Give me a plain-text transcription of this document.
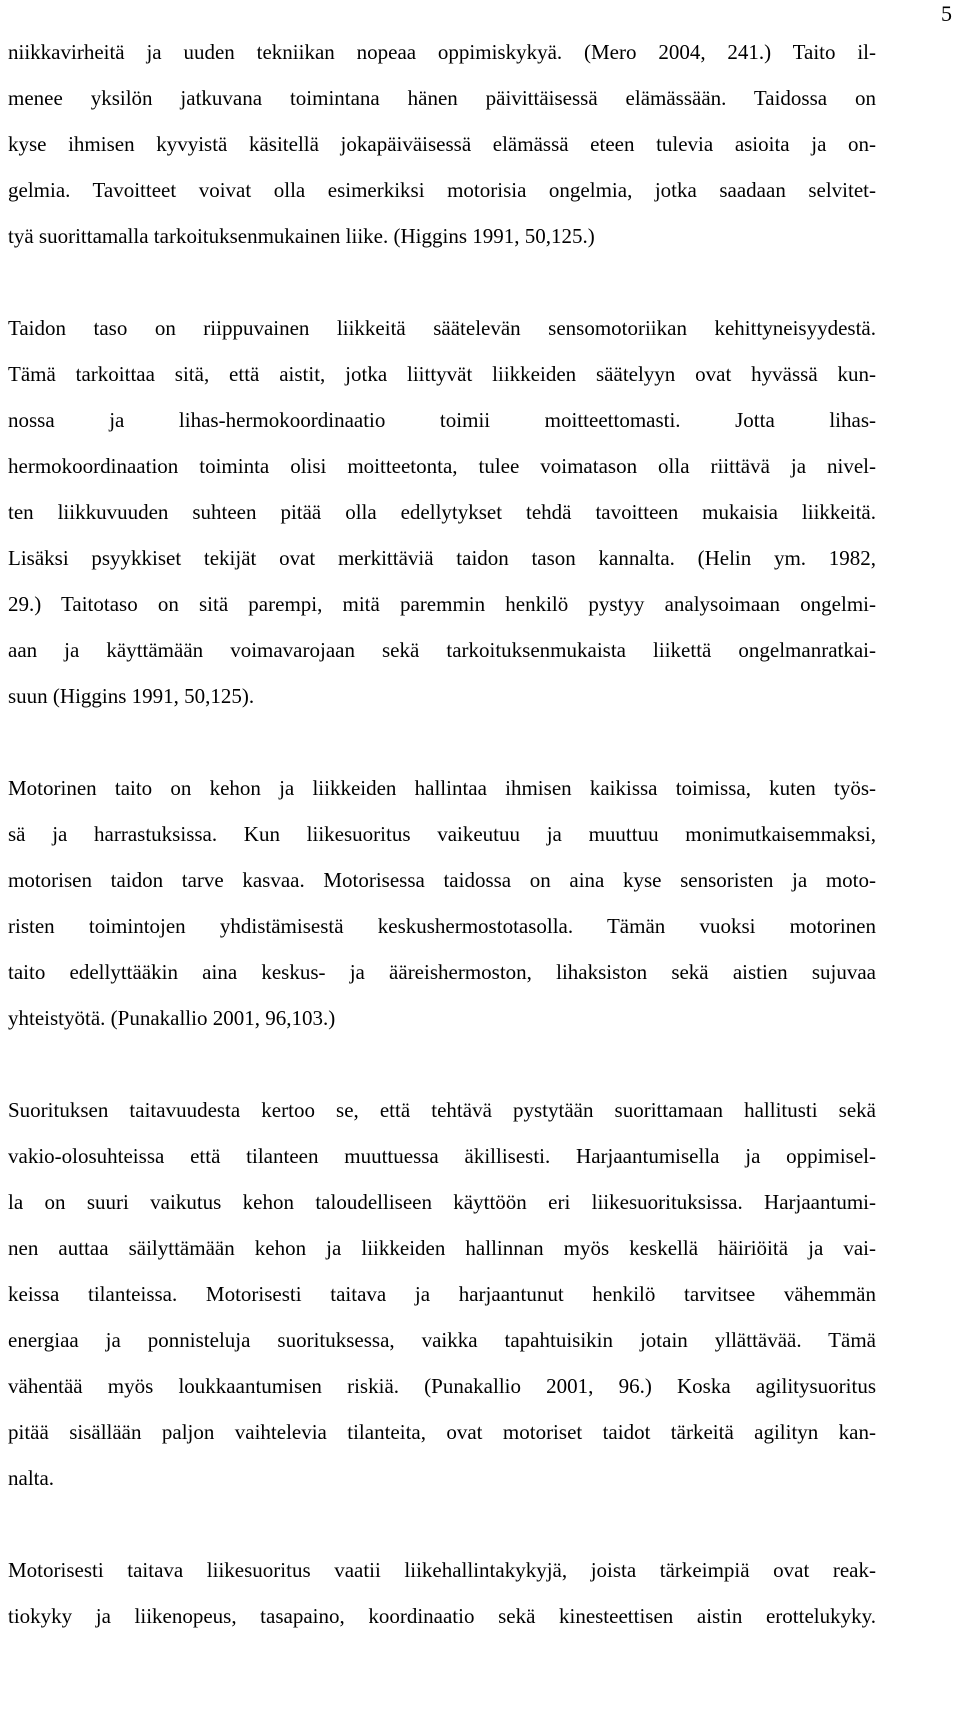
5
niikkavirheitä ja uuden tekniikan nopeaa oppimiskykyä. (Mero 2004, 241.) Taito il-
menee yksilön jatkuvana toimintana hänen päivittäisessä elämässään. Taidossa on
kyse ihmisen kyvyistä käsitellä jokapäiväisessä elämässä eteen tulevia asioita ja on-
gelmia. Tavoitteet voivat olla esimerkiksi motorisia ongelmia, jotka saadaan selvitet-
tyä suorittamalla tarkoituksenmukainen liike. (Higgins 1991, 50,125.)
Taidon taso on riippuvainen liikkeitä säätelevän sensomotoriikan kehittyneisyydestä.
Tämä tarkoittaa sitä, että aistit, jotka liittyvät liikkeiden säätelyyn ovat hyvässä kun-
nossa ja lihas-hermokoordinaatio toimii moitteettomasti. Jotta lihas-
hermokoordinaation toiminta olisi moitteetonta, tulee voimatason olla riittävä ja nivel-
ten liikkuvuuden suhteen pitää olla edellytykset tehdä tavoitteen mukaisia liikkeitä.
Lisäksi psyykkiset tekijät ovat merkittäviä taidon tason kannalta. (Helin ym. 1982,
29.) Taitotaso on sitä parempi, mitä paremmin henkilö pystyy analysoimaan ongelmi-
aan ja käyttämään voimavarojaan sekä tarkoituksenmukaista liikettä ongelmanratkai-
suun (Higgins 1991, 50,125).
Motorinen taito on kehon ja liikkeiden hallintaa ihmisen kaikissa toimissa, kuten työs-
sä ja harrastuksissa. Kun liikesuoritus vaikeutuu ja muuttuu monimutkaisemmaksi,
motorisen taidon tarve kasvaa. Motorisessa taidossa on aina kyse sensoristen ja moto-
risten toimintojen yhdistämisestä keskushermostotasolla. Tämän vuoksi motorinen
taito edellyttääkin aina keskus- ja ääreishermoston, lihaksiston sekä aistien sujuvaa
yhteistyötä. (Punakallio 2001, 96,103.)
Suorituksen taitavuudesta kertoo se, että tehtävä pystytään suorittamaan hallitusti sekä
vakio-olosuhteissa että tilanteen muuttuessa äkillisesti. Harjaantumisella ja oppimisel-
la on suuri vaikutus kehon taloudelliseen käyttöön eri liikesuorituksissa. Harjaantumi-
nen auttaa säilyttämään kehon ja liikkeiden hallinnan myös keskellä häiriöitä ja vai-
keissa tilanteissa. Motorisesti taitava ja harjaantunut henkilö tarvitsee vähemmän
energiaa ja ponnisteluja suorituksessa, vaikka tapahtuisikin jotain yllättävää. Tämä
vähentää myös loukkaantumisen riskiä. (Punakallio 2001, 96.) Koska agilitysuoritus
pitää sisällään paljon vaihtelevia tilanteita, ovat motoriset taidot tärkeitä agilityn kan-
nalta.
Motorisesti taitava liikesuoritus vaatii liikehallintakykyjä, joista tärkeimpiä ovat reak-
tiokyky ja liikenopeus, tasapaino, koordinaatio sekä kinesteettisen aistin erottelukyky.
